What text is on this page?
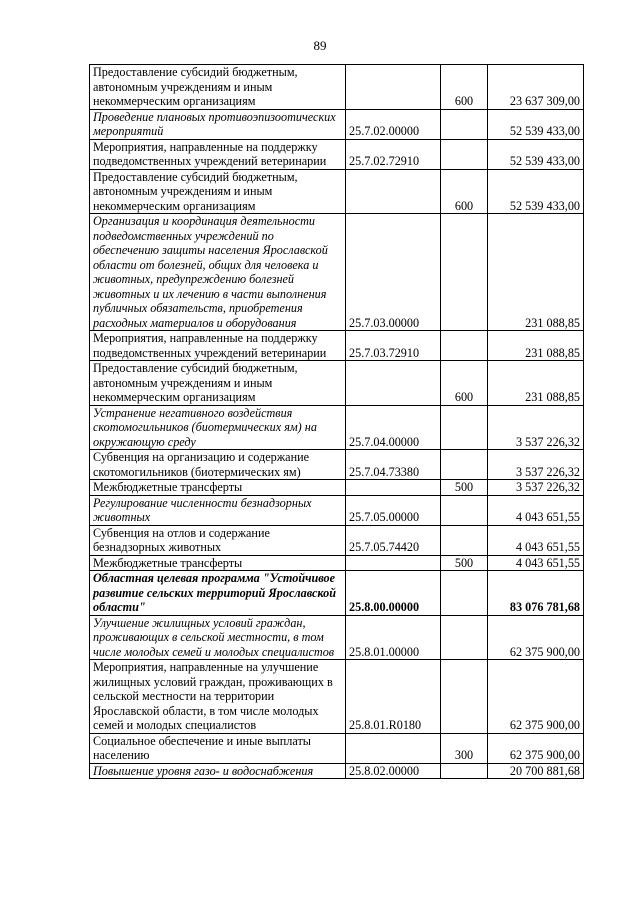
89
Предоставление субсидий бюджетным, автономным учреждениям и иным некоммерческим организациям		600	23 637 309,00
Проведение плановых противоэпизоотических мероприятий	25.7.02.00000		52 539 433,00
Мероприятия, направленные на поддержку подведомственных учреждений ветеринарии	25.7.02.72910		52 539 433,00
Предоставление субсидий бюджетным, автономным учреждениям и иным некоммерческим организациям		600	52 539 433,00
Организация и координация деятельности подведомственных учреждений по обеспечению защиты населения Ярославской области от болезней, общих для человека и животных, предупреждению болезней животных и их лечению в части выполнения публичных обязательств, приобретения расходных материалов и оборудования	25.7.03.00000		231 088,85
Мероприятия, направленные на поддержку подведомственных учреждений ветеринарии	25.7.03.72910		231 088,85
Предоставление субсидий бюджетным, автономным учреждениям и иным некоммерческим организациям		600	231 088,85
Устранение негативного воздействия скотомогильников (биотермических ям) на окружающую среду	25.7.04.00000		3 537 226,32
Субвенция на организацию и содержание скотомогильников (биотермических ям)	25.7.04.73380		3 537 226,32
Межбюджетные трансферты		500	3 537 226,32
Регулирование численности безнадзорных животных	25.7.05.00000		4 043 651,55
Субвенция на отлов и содержание безнадзорных животных	25.7.05.74420		4 043 651,55
Межбюджетные трансферты		500	4 043 651,55
Областная целевая программа "Устойчивое развитие сельских территорий Ярославской области"	25.8.00.00000		83 076 781,68
Улучшение жилищных условий граждан, проживающих в сельской местности, в том числе молодых семей и молодых специалистов	25.8.01.00000		62 375 900,00
Мероприятия, направленные на улучшение жилищных условий граждан, проживающих в сельской местности на территории Ярославской области, в том числе молодых семей и молодых специалистов	25.8.01.R0180		62 375 900,00
Социальное обеспечение и иные выплаты населению		300	62 375 900,00
Повышение уровня газо- и водоснабжения	25.8.02.00000		20 700 881,68
